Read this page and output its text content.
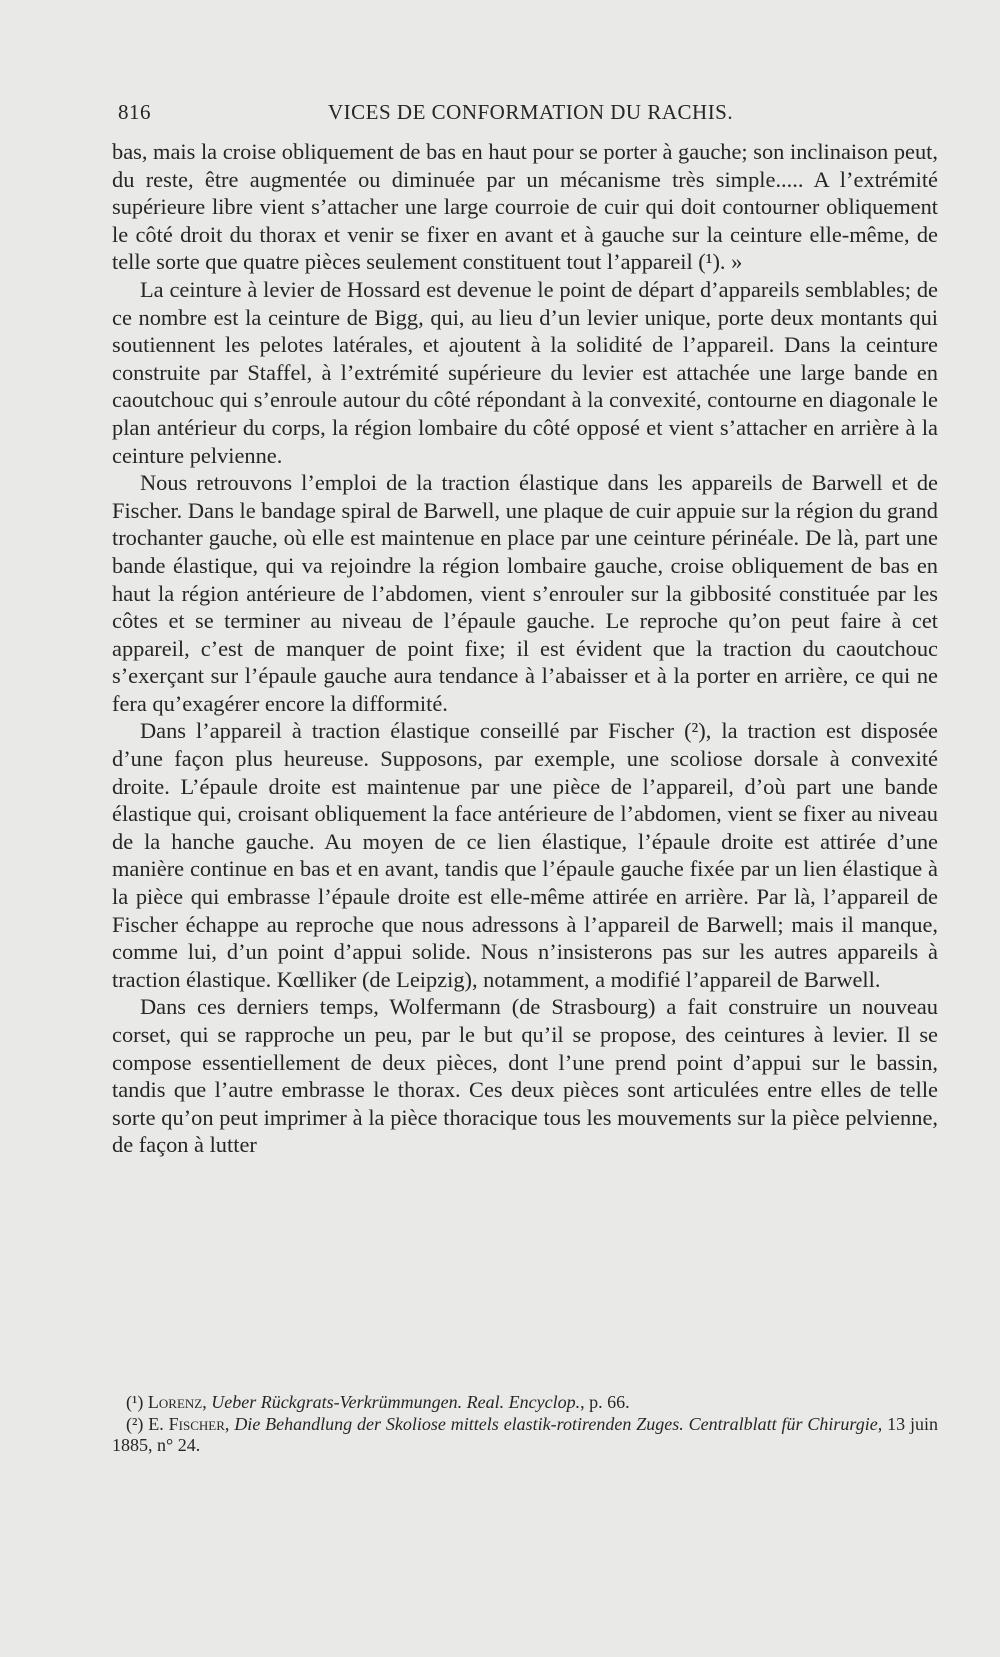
816	VICES DE CONFORMATION DU RACHIS.

bas, mais la croise obliquement de bas en haut pour se porter à gauche; son inclinaison peut, du reste, être augmentée ou diminuée par un mécanisme très simple..... A l’extrémité supérieure libre vient s’attacher une large courroie de cuir qui doit contourner obliquement le côté droit du thorax et venir se fixer en avant et à gauche sur la ceinture elle-même, de telle sorte que quatre pièces seulement constituent tout l’appareil (¹). »

La ceinture à levier de Hossard est devenue le point de départ d’appareils semblables; de ce nombre est la ceinture de Bigg, qui, au lieu d’un levier unique, porte deux montants qui soutiennent les pelotes latérales, et ajoutent à la solidité de l’appareil. Dans la ceinture construite par Staffel, à l’extrémité supérieure du levier est attachée une large bande en caoutchouc qui s’enroule autour du côté répondant à la convexité, contourne en diagonale le plan antérieur du corps, la région lombaire du côté opposé et vient s’attacher en arrière à la ceinture pelvienne.

Nous retrouvons l’emploi de la traction élastique dans les appareils de Barwell et de Fischer. Dans le bandage spiral de Barwell, une plaque de cuir appuie sur la région du grand trochanter gauche, où elle est maintenue en place par une ceinture périnéale. De là, part une bande élastique, qui va rejoindre la région lombaire gauche, croise obliquement de bas en haut la région antérieure de l’abdomen, vient s’enrouler sur la gibbosité constituée par les côtes et se terminer au niveau de l’épaule gauche. Le reproche qu’on peut faire à cet appareil, c’est de manquer de point fixe; il est évident que la traction du caoutchouc s’exerçant sur l’épaule gauche aura tendance à l’abaisser et à la porter en arrière, ce qui ne fera qu’exagérer encore la difformité.

Dans l’appareil à traction élastique conseillé par Fischer (²), la traction est disposée d’une façon plus heureuse. Supposons, par exemple, une scoliose dorsale à convexité droite. L’épaule droite est maintenue par une pièce de l’appareil, d’où part une bande élastique qui, croisant obliquement la face antérieure de l’abdomen, vient se fixer au niveau de la hanche gauche. Au moyen de ce lien élastique, l’épaule droite est attirée d’une manière continue en bas et en avant, tandis que l’épaule gauche fixée par un lien élastique à la pièce qui embrasse l’épaule droite est elle-même attirée en arrière. Par là, l’appareil de Fischer échappe au reproche que nous adressons à l’appareil de Barwell; mais il manque, comme lui, d’un point d’appui solide. Nous n’insisterons pas sur les autres appareils à traction élastique. Kœlliker (de Leipzig), notamment, a modifié l’appareil de Barwell.

Dans ces derniers temps, Wolfermann (de Strasbourg) a fait construire un nouveau corset, qui se rapproche un peu, par le but qu’il se propose, des ceintures à levier. Il se compose essentiellement de deux pièces, dont l’une prend point d’appui sur le bassin, tandis que l’autre embrasse le thorax. Ces deux pièces sont articulées entre elles de telle sorte qu’on peut imprimer à la pièce thoracique tous les mouvements sur la pièce pelvienne, de façon à lutter

(¹) Lorenz, Ueber Rückgrats-Verkrümmungen. Real. Encyclop., p. 66.

(²) E. Fischer, Die Behandlung der Skoliose mittels elastik-rotirenden Zuges. Centralblatt für Chirurgie, 13 juin 1885, n° 24.
